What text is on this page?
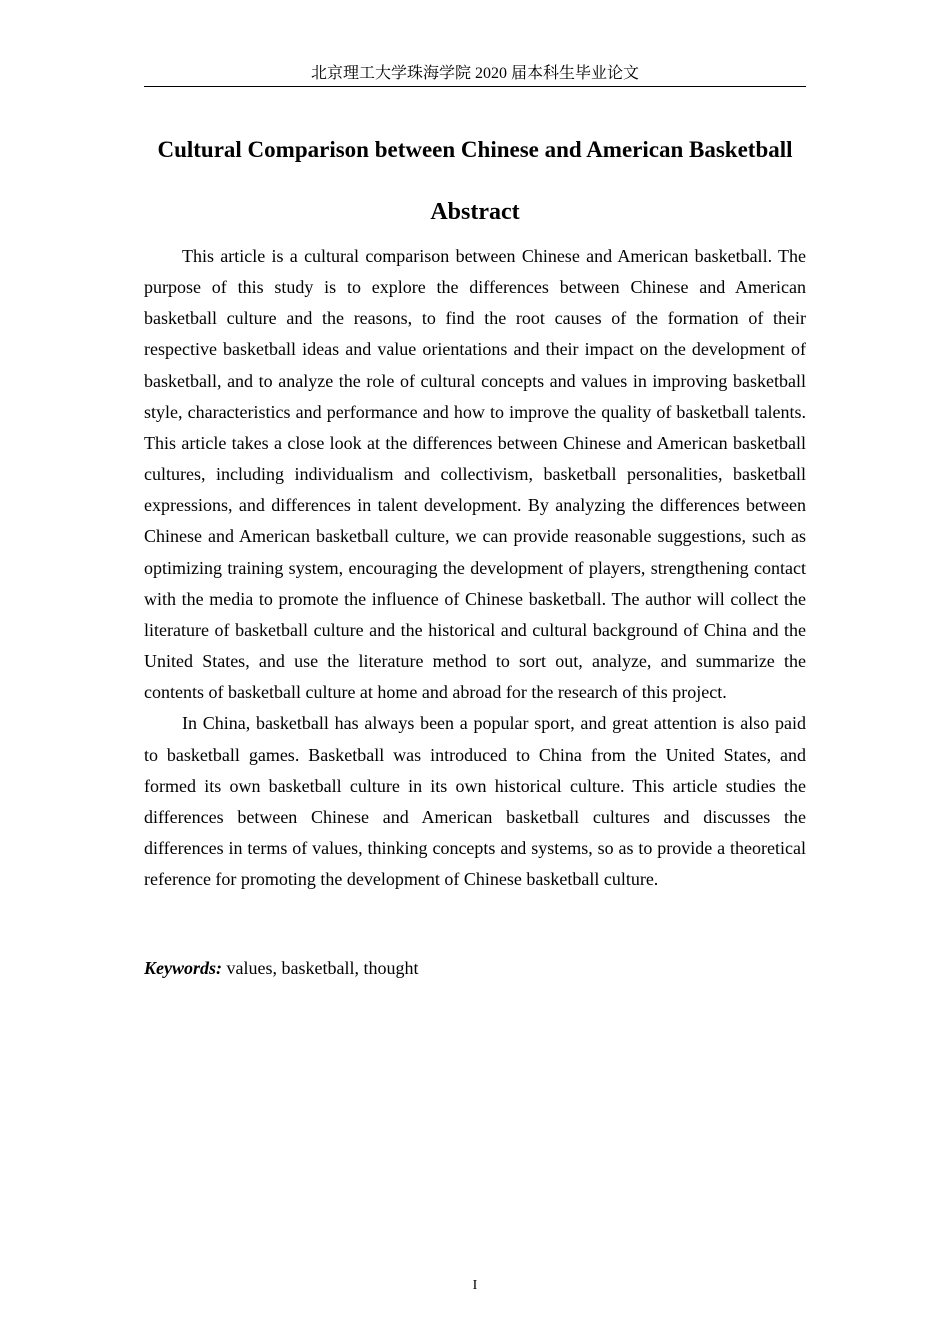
北京理工大学珠海学院 2020 届本科生毕业论文
Cultural Comparison between Chinese and American Basketball
Abstract

This article is a cultural comparison between Chinese and American basketball. The purpose of this study is to explore the differences between Chinese and American basketball culture and the reasons, to find the root causes of the formation of their respective basketball ideas and value orientations and their impact on the development of basketball, and to analyze the role of cultural concepts and values in improving basketball style, characteristics and performance and how to improve the quality of basketball talents. This article takes a close look at the differences between Chinese and American basketball cultures, including individualism and collectivism, basketball personalities, basketball expressions, and differences in talent development. By analyzing the differences between Chinese and American basketball culture, we can provide reasonable suggestions, such as optimizing training system, encouraging the development of players, strengthening contact with the media to promote the influence of Chinese basketball. The author will collect the literature of basketball culture and the historical and cultural background of China and the United States, and use the literature method to sort out, analyze, and summarize the contents of basketball culture at home and abroad for the research of this project.

In China, basketball has always been a popular sport, and great attention is also paid to basketball games. Basketball was introduced to China from the United States, and formed its own basketball culture in its own historical culture. This article studies the differences between Chinese and American basketball cultures and discusses the differences in terms of values, thinking concepts and systems, so as to provide a theoretical reference for promoting the development of Chinese basketball culture.

Keywords: values, basketball, thought

I
